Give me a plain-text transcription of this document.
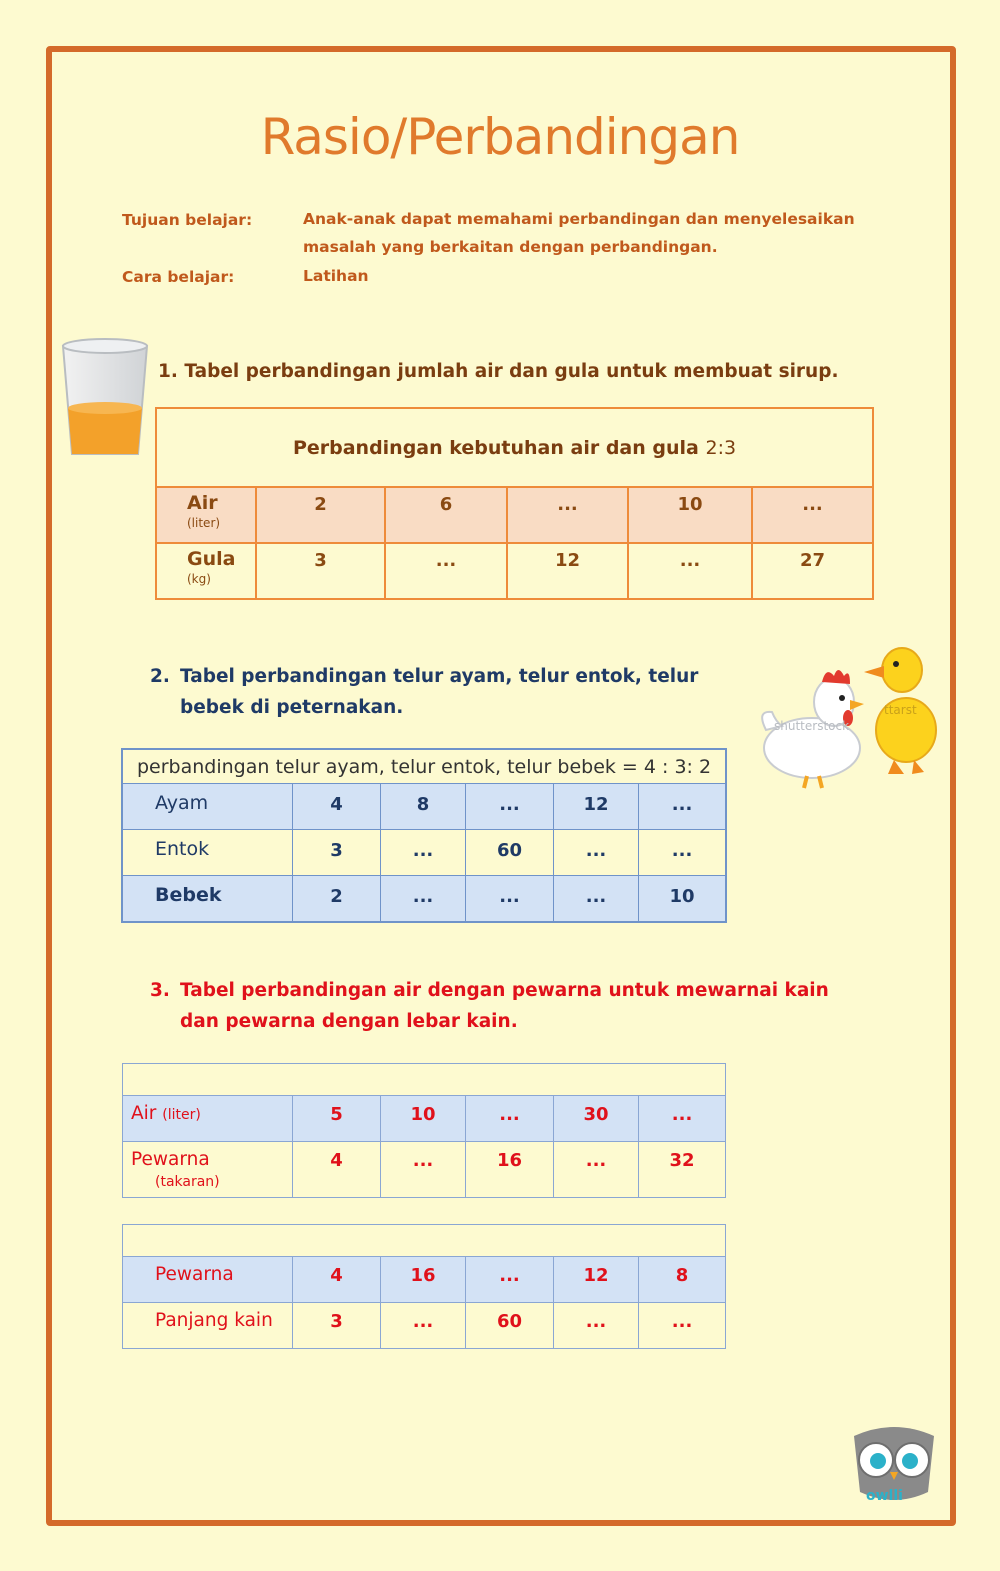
Rasio/Perbandingan
Tujuan belajar:	Anak-anak dapat memahami perbandingan dan menyelesaikan masalah yang berkaitan dengan perbandingan.
Cara belajar:	Latihan
1. Tabel perbandingan jumlah air dan gula untuk membuat sirup.
Perbandingan kebutuhan air dan gula 2:3					
Air
(liter)	2	6	...	10	...
Gula
(kg)	3	...	12	...	27
2. Tabel perbandingan telur ayam, telur entok, telur bebek di peternakan.
shutterstock
ttarst
perbandingan telur ayam, telur entok, telur bebek = 4 : 3: 2					
Ayam	4	8	...	12	...
Entok	3	...	60	...	...
Bebek	2	...	...	...	10
3. Tabel perbandingan air dengan pewarna untuk mewarnai kain dan pewarna dengan lebar kain.

Air (liter)	5	10	...	30	...
Pewarna
(takaran)	4	...	16	...	32

Pewarna	4	16	...	12	8
Panjang kain	3	...	60	...	...
owlli
